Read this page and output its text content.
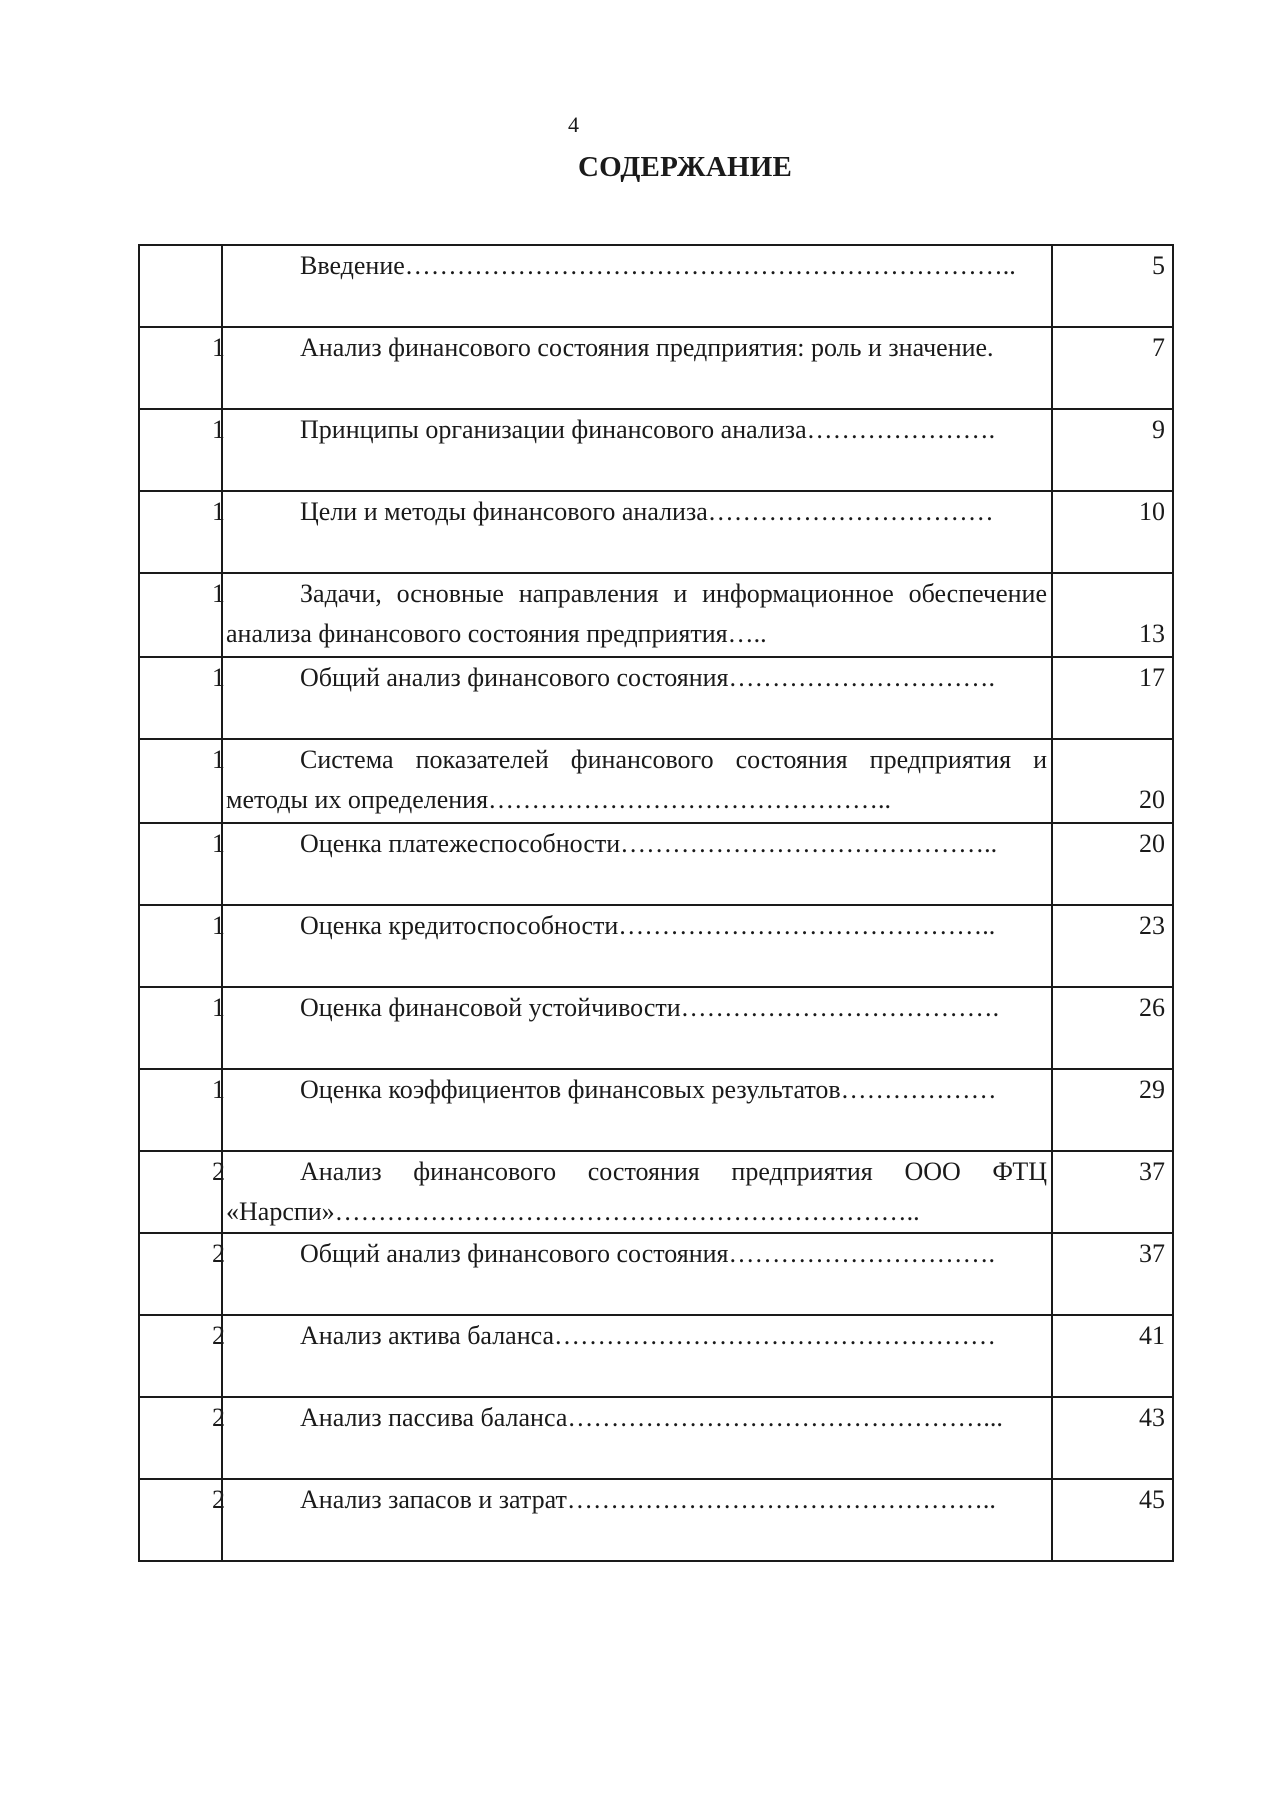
4
СОДЕРЖАНИЕ
	Введение……………………………………………………………..	5
1	Анализ финансового состояния предприятия: роль и значение.	7
1	Принципы организации финансового анализа………………….	9
1	Цели и методы финансового анализа……………………………	10
1	Задачи, основные направления и информационное обеспечение анализа финансового состояния предприятия…..	13
1	Общий анализ финансового состояния………………………….	17
1	Система показателей финансового состояния предприятия и методы их определения………………………………………..	20
1	Оценка платежеспособности……………………………………..	20
1	Оценка кредитоспособности……………………………………..	23
1	Оценка финансовой устойчивости……………………………….	26
1	Оценка коэффициентов финансовых результатов………………	29
2	Анализ финансового состояния предприятия ООО ФТЦ «Нарспи»…………………………………………………………..	37
2	Общий анализ финансового состояния………………………….	37
2	Анализ актива баланса……………………………………………	41
2	Анализ пассива баланса…………………………………………...	43
2	Анализ запасов и затрат…………………………………………..	45
